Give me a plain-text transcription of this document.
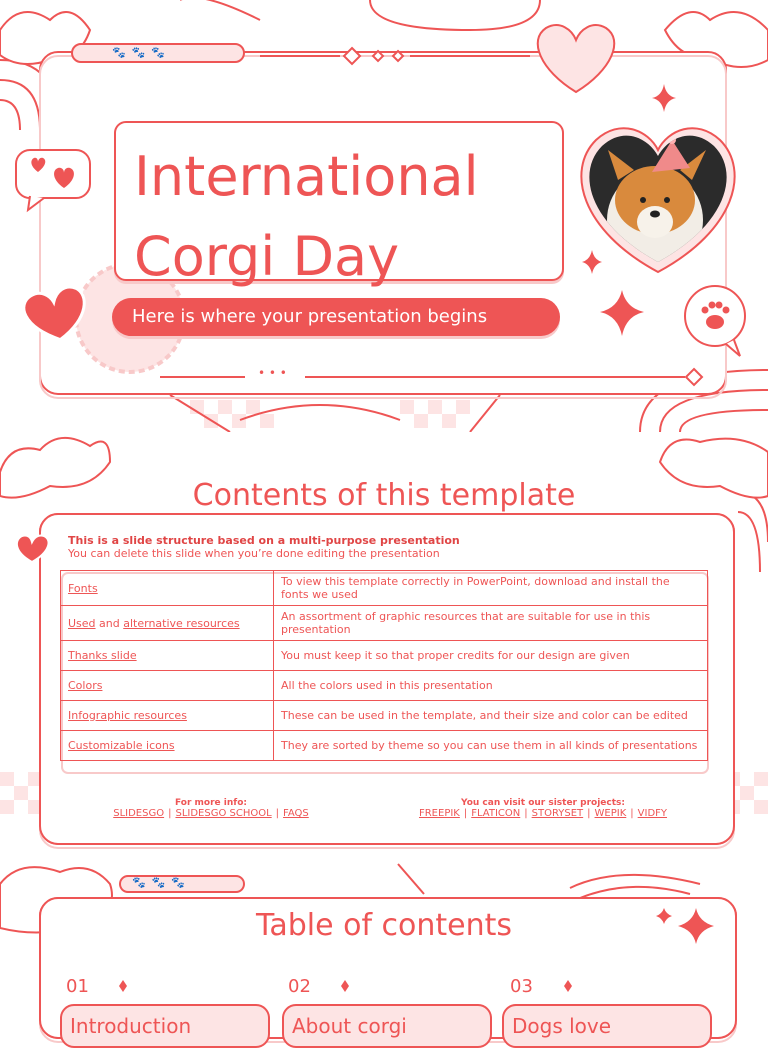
🐾🐾🐾
• • •
International
Corgi Day
Here is where your presentation begins
Contents of this template
This is a slide structure based on a multi-purpose presentation
You can delete this slide when you’re done editing the presentation
Fonts	To view this template correctly in PowerPoint, download and install the fonts we used
Used and alternative resources	An assortment of graphic resources that are suitable for use in this presentation
Thanks slide	You must keep it so that proper credits for our design are given
Colors	All the colors used in this presentation
Infographic resources	These can be used in the template, and their size and color can be edited
Customizable icons	They are sorted by theme so you can use them in all kinds of presentations
For more info:
SLIDESGO | SLIDESGO SCHOOL | FAQS
You can visit our sister projects:
FREEPIK | FLATICON | STORYSET | WEPIK | VIDFY
🐾🐾🐾
Table of contents
01
Introduction
02
About corgi
03
Dogs love
